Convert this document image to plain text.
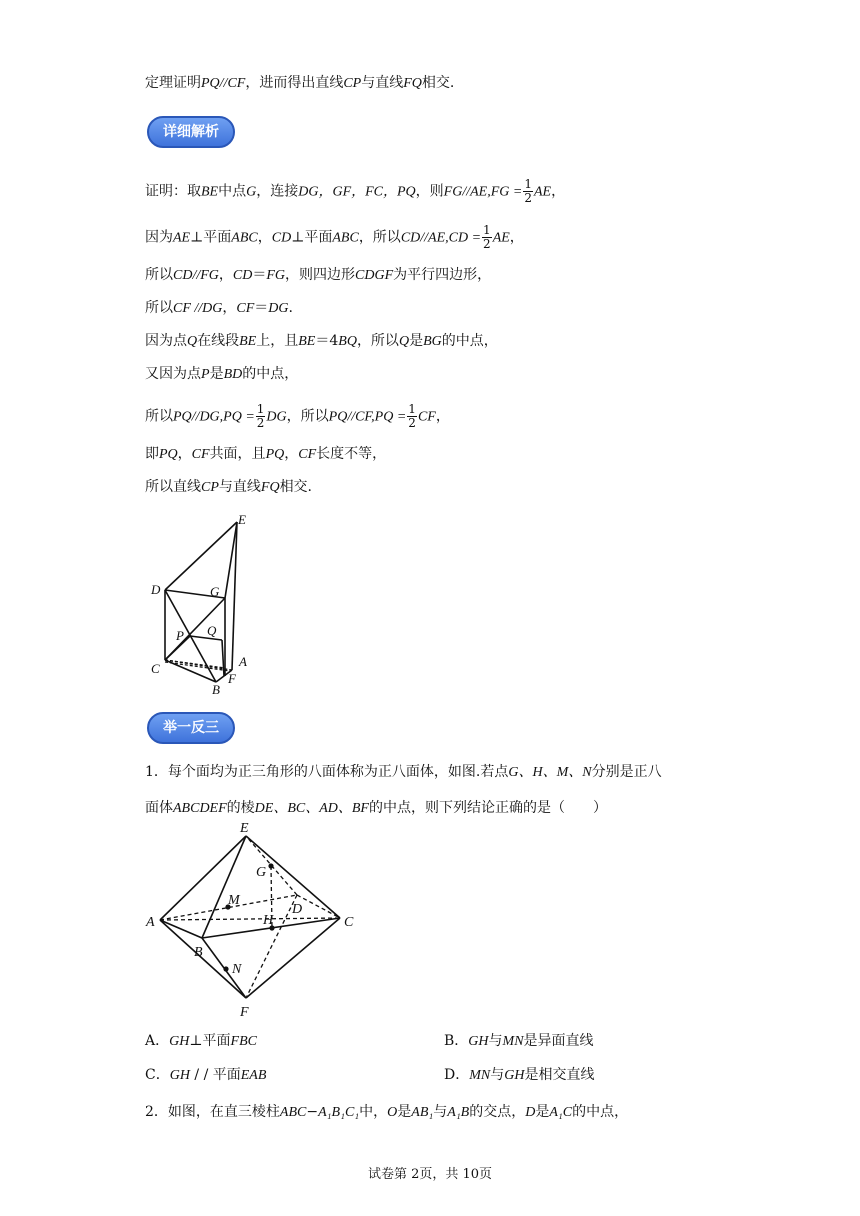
定理证明PQ//CF，进而得出直线CP与直线FQ相交.
详细解析
证明：取BE中点G，连接DG，GF，FC，PQ，则$FG//AE,FG = \frac{1}{2}$ AE，
因为AE⊥平面ABC，CD⊥平面ABC，所以$CD//AE,CD = \frac{1}{2}$ AE，
所以CD//FG，CD＝FG，则四边形CDGF为平行四边形，
所以CF //DG，CF＝DG.
因为点Q在线段BE上，且BE＝4BQ，所以Q是BG的中点，
又因为点P是BD的中点，
所以$PQ//DG,PQ = \frac{1}{2}$ DG，所以$PQ//CF,PQ = \frac{1}{2}$ CF，
即PQ，CF共面，且PQ，CF长度不等，
所以直线CP与直线FQ相交.
E
D	G
P Q
C	A
F
B
举一反三
1．每个面均为正三角形的八面体称为正八面体，如图.若点G、H、M、N分别是正八
面体ABCDEF的棱DE、BC、AD、BF的中点，则下列结论正确的是（　　）
E
G
M
D
A
B
H	C
N
F
A．GH⊥平面FBC	B．GH与MN是异面直线
C．GH / / 平面EAB	D．MN与GH是相交直线
2．如图，在直三棱柱ABC−A₁B₁C₁中，O是AB₁与A₁B的交点，D是A₁C的中点，
试卷第 2页，共 10页
